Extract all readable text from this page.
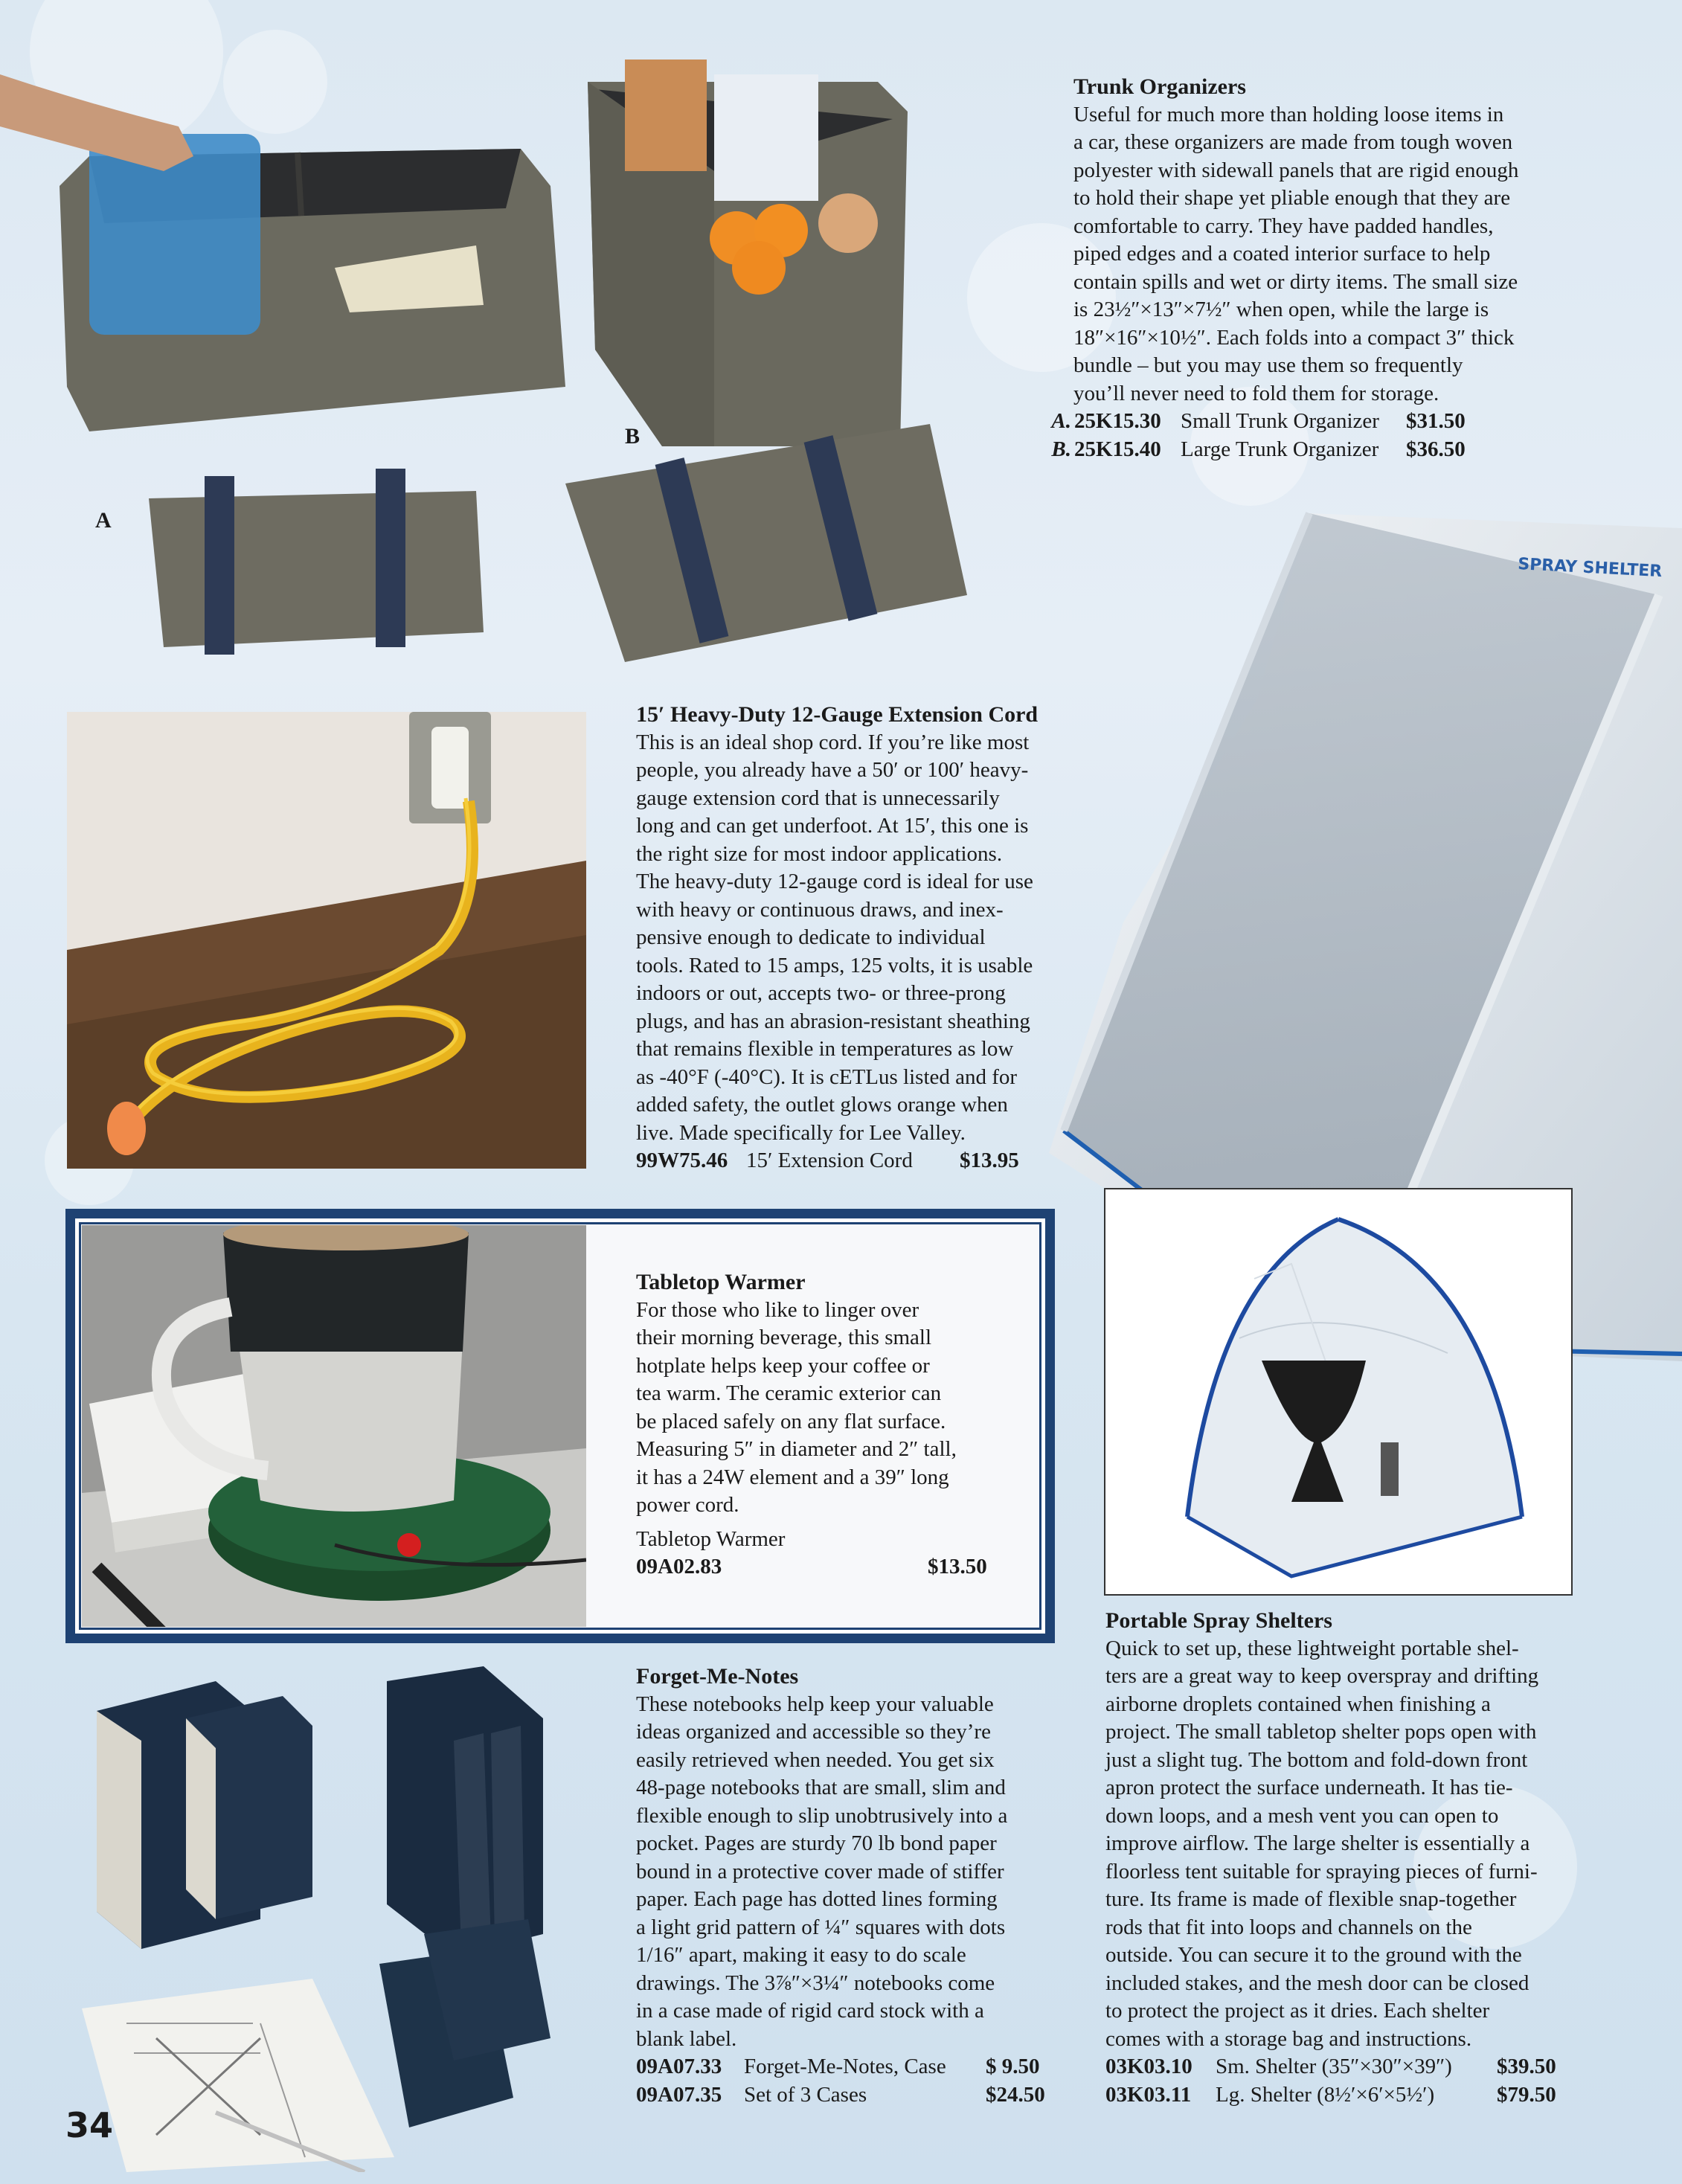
SPRAY SHELTER
A
B
Trunk Organizers

Useful for much more than holding loose items in

a car, these organizers are made from tough woven

polyester with sidewall panels that are rigid enough

to hold their shape yet pliable enough that they are

comfortable to carry. They have padded handles,

piped edges and a coated interior surface to help

contain spills and wet or dirty items. The small size

is 23½″×13″×7½″ when open, while the large is

18″×16″×10½″. Each folds into a compact 3″ thick

bundle – but you may use them so frequently

you’ll never need to fold them for storage.

A. 25K15.30 Small Trunk Organizer	$31.50
B. 25K15.40 Large Trunk Organizer	$36.50
15′ Heavy-Duty 12-Gauge Extension Cord

This is an ideal shop cord. If you’re like most

people, you already have a 50′ or 100′ heavy-

gauge extension cord that is unnecessarily

long and can get underfoot. At 15′, this one is

the right size for most indoor applications.

The heavy-duty 12-gauge cord is ideal for use

with heavy or continuous draws, and inex-

pensive enough to dedicate to individual

tools. Rated to 15 amps, 125 volts, it is usable

indoors or out, accepts two- or three-prong

plugs, and has an abrasion-resistant sheathing

that remains flexible in temperatures as low

as -40°F (-40°C). It is cETLus listed and for

added safety, the outlet glows orange when

live. Made specifically for Lee Valley.

99W75.46 15′ Extension Cord	$13.95
Tabletop Warmer

For those who like to linger over

their morning beverage, this small

hotplate helps keep your coffee or

tea warm. The ceramic exterior can

be placed safely on any flat surface.

Measuring 5″ in diameter and 2″ tall,

it has a 24W element and a 39″ long

power cord.

Tabletop Warmer

09A02.83	$13.50
Portable Spray Shelters

Quick to set up, these lightweight portable shel-

ters are a great way to keep overspray and drifting

airborne droplets contained when finishing a

project. The small tabletop shelter pops open with

just a slight tug. The bottom and fold-down front

apron protect the surface underneath. It has tie-

down loops, and a mesh vent you can open to

improve airflow. The large shelter is essentially a

floorless tent suitable for spraying pieces of furni-

ture. Its frame is made of flexible snap-together

rods that fit into loops and channels on the

outside. You can secure it to the ground with the

included stakes, and the mesh door can be closed

to protect the project as it dries. Each shelter

comes with a storage bag and instructions.

03K03.10	Sm. Shelter (35″×30″×39″)	$39.50
03K03.11	Lg. Shelter (8½′×6′×5½′)	$79.50
Forget-Me-Notes

These notebooks help keep your valuable

ideas organized and accessible so they’re

easily retrieved when needed. You get six

48-page notebooks that are small, slim and

flexible enough to slip unobtrusively into a

pocket. Pages are sturdy 70 lb bond paper

bound in a protective cover made of stiffer

paper. Each page has dotted lines forming

a light grid pattern of ¼″ squares with dots

1/16″ apart, making it easy to do scale

drawings. The 3⅞″×3¼″ notebooks come

in a case made of rigid card stock with a

blank label.

09A07.33	Forget-Me-Notes, Case	$ 9.50
09A07.35	Set of 3 Cases	$24.50
34
